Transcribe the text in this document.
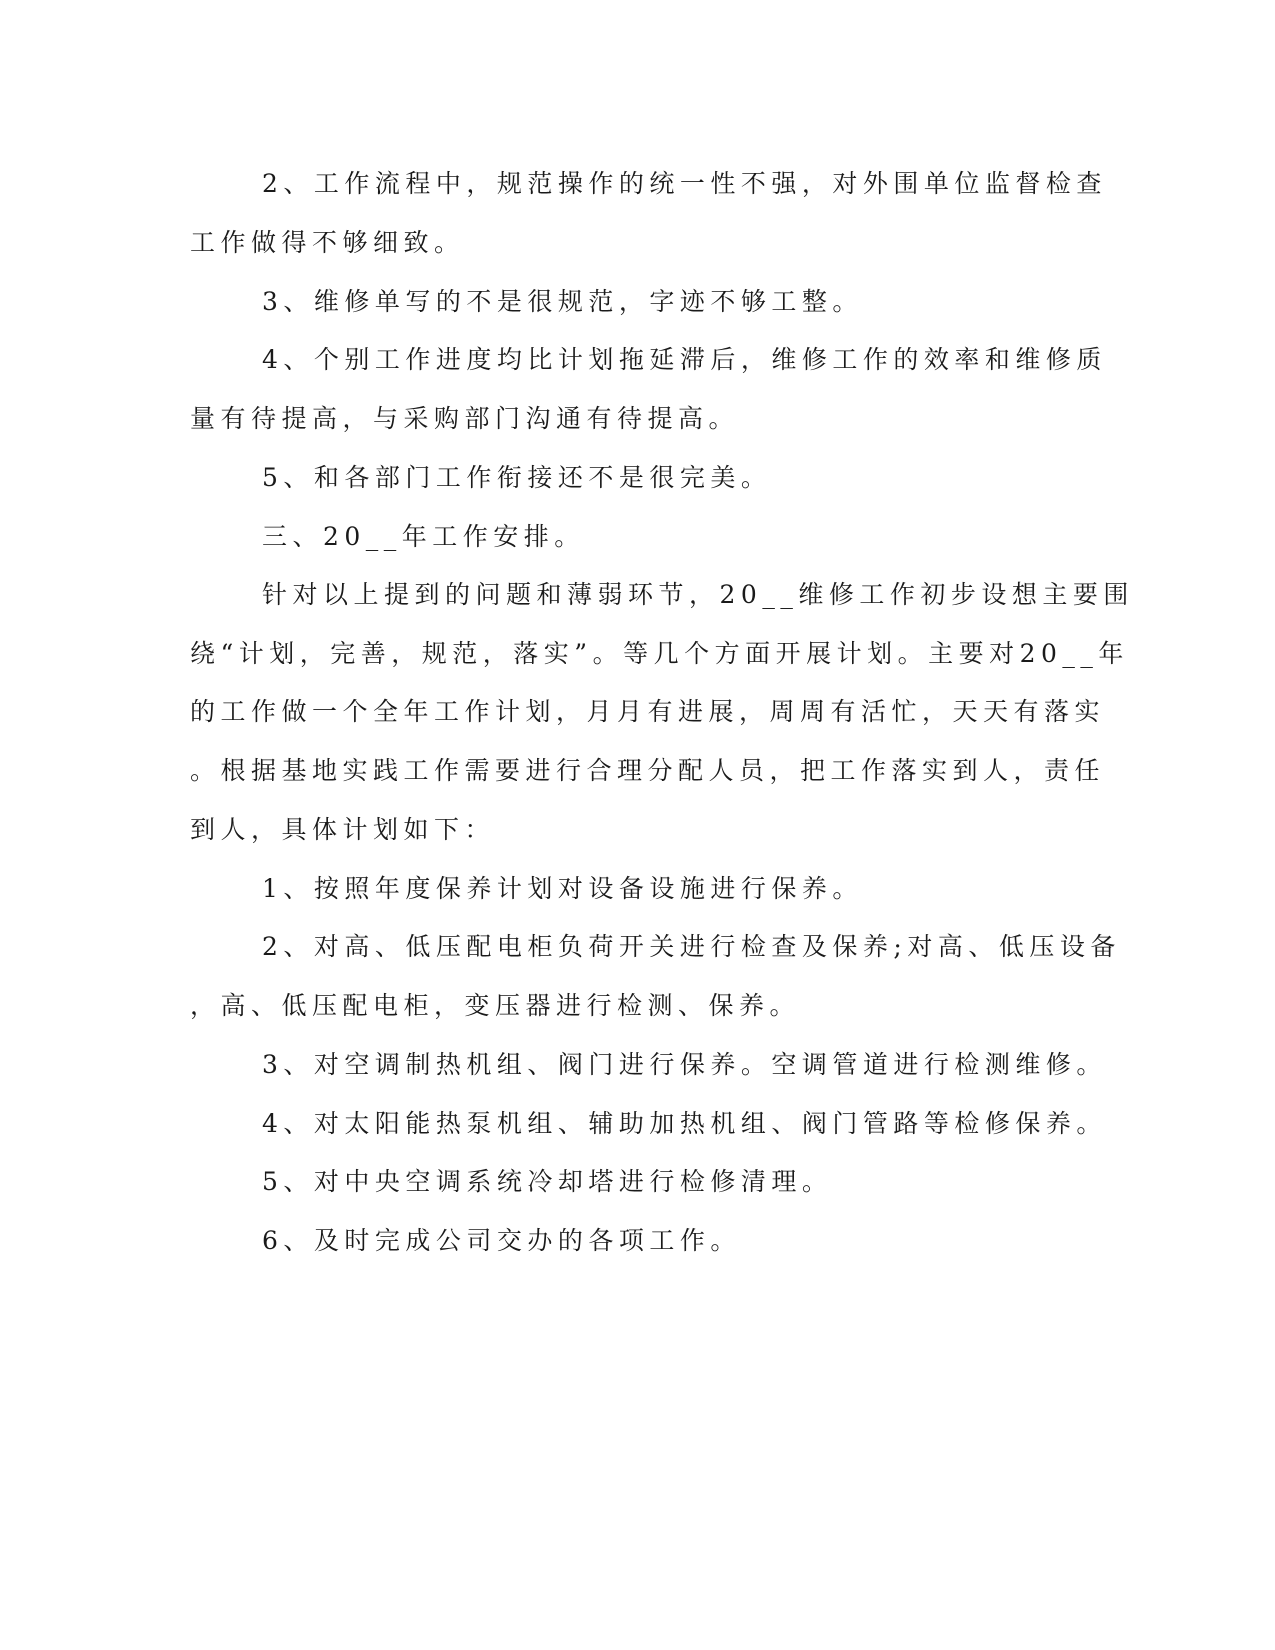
2、工作流程中，规范操作的统一性不强，对外围单位监督检查
工作做得不够细致。
3、维修单写的不是很规范，字迹不够工整。
4、个别工作进度均比计划拖延滞后，维修工作的效率和维修质
量有待提高，与采购部门沟通有待提高。
5、和各部门工作衔接还不是很完美。
三、20__年工作安排。
针对以上提到的问题和薄弱环节，20__维修工作初步设想主要围
绕“计划，完善，规范，落实”。等几个方面开展计划。主要对20__年
的工作做一个全年工作计划，月月有进展，周周有活忙，天天有落实
。根据基地实践工作需要进行合理分配人员，把工作落实到人，责任
到人，具体计划如下：
1、按照年度保养计划对设备设施进行保养。
2、对高、低压配电柜负荷开关进行检查及保养;对高、低压设备
，高、低压配电柜，变压器进行检测、保养。
3、对空调制热机组、阀门进行保养。空调管道进行检测维修。
4、对太阳能热泵机组、辅助加热机组、阀门管路等检修保养。
5、对中央空调系统冷却塔进行检修清理。
6、及时完成公司交办的各项工作。
